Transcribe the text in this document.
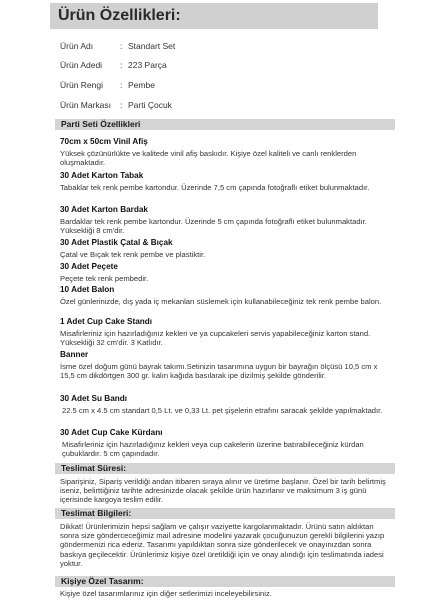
Ürün Özellikleri:
Ürün Adı	: Standart Set
Ürün Adedi : 223 Parça
Ürün Rengi : Pembe
Ürün Markası : Parti Çocuk
Parti Seti Özellikleri
70cm x 50cm Vinil Afiş
Yüksek çözünürlükte ve kalitede vinil afiş baskıdır. Kişiye özel kaliteli ve canlı renklerden oluşmaktadır.
30 Adet Karton Tabak
Tabaklar tek renk pembe kartondur. Üzerinde 7,5 cm çapında fotoğraflı etiket bulunmaktadır.
30 Adet Karton Bardak
Bardaklar tek renk pembe kartondur. Üzerinde 5 cm çapında fotoğraflı etiket bulunmaktadır. Yüksekliği 8 cm'dir.
30 Adet Plastik Çatal & Bıçak
Çatal ve Bıçak tek renk pembe ve plastiktir.
30 Adet Peçete
Peçete tek renk pembedir.
10 Adet Balon
Özel günlerinizde, dış yada iç mekanları süslemek için kullanabileceğiniz tek renk pembe balon.
1 Adet Cup Cake Standı
Misafirleriniz için hazırladığınız kekleri ve ya cupcakeleri servis yapabileceğiniz karton stand. Yüksekliği 32 cm'dir. 3 Katlıdır.
Banner
İsme özel doğum günü bayrak takımı.Setinizin tasarımına uygun bir bayrağın ölçüsü 10,5 cm x 15,5 cm dikdörtgen 300 gr. kalın kağıda basılarak ipe dizilmiş şekilde gönderilir.
30 Adet Su Bandı
22.5 cm x 4.5 cm standart 0,5 Lt. ve 0,33 Lt. pet şişelerin etrafını saracak şekilde yapılmaktadır.
30 Adet Cup Cake Kürdanı
Misafirleriniz için hazırladığınız kekleri veya cup cakelerin üzerine batırabileceğiniz kürdan çubuklardır. 5 cm çapındadır.
Teslimat Süresi:
Siparişiniz, Sipariş verildiği andan itibaren sıraya alınır ve üretime başlanır. Özel bir tarih belirtmiş iseniz, belirttiğiniz tarihte adresinizde olacak şekilde ürün hazırlanır ve maksimum 3 iş günü içerisinde kargoya teslim edilir.
Teslimat Bilgileri:
Dikkat! Ürünlerimizin hepsi sağlam ve çalışır vaziyette kargolanmaktadır. Ürünü satın aldıktan sonra size gönderceceğimiz mail adresine modelini yazarak çocuğunuzun gerekli bilgilerini yazıp göndermenizi rica ederiz. Tasarımı yapıldıktan sonra size gönderilecek ve onayınızdan sonra baskıya geçilecektir. Ürünlerimiz kişiye özel üretildiği için ve onay alındığı için teslimatında iadesi yoktur.
Kişiye Özel Tasarım:
Kişiye özel tasarımlarınız için diğer setlerimizi inceleyebilirsiniz.
